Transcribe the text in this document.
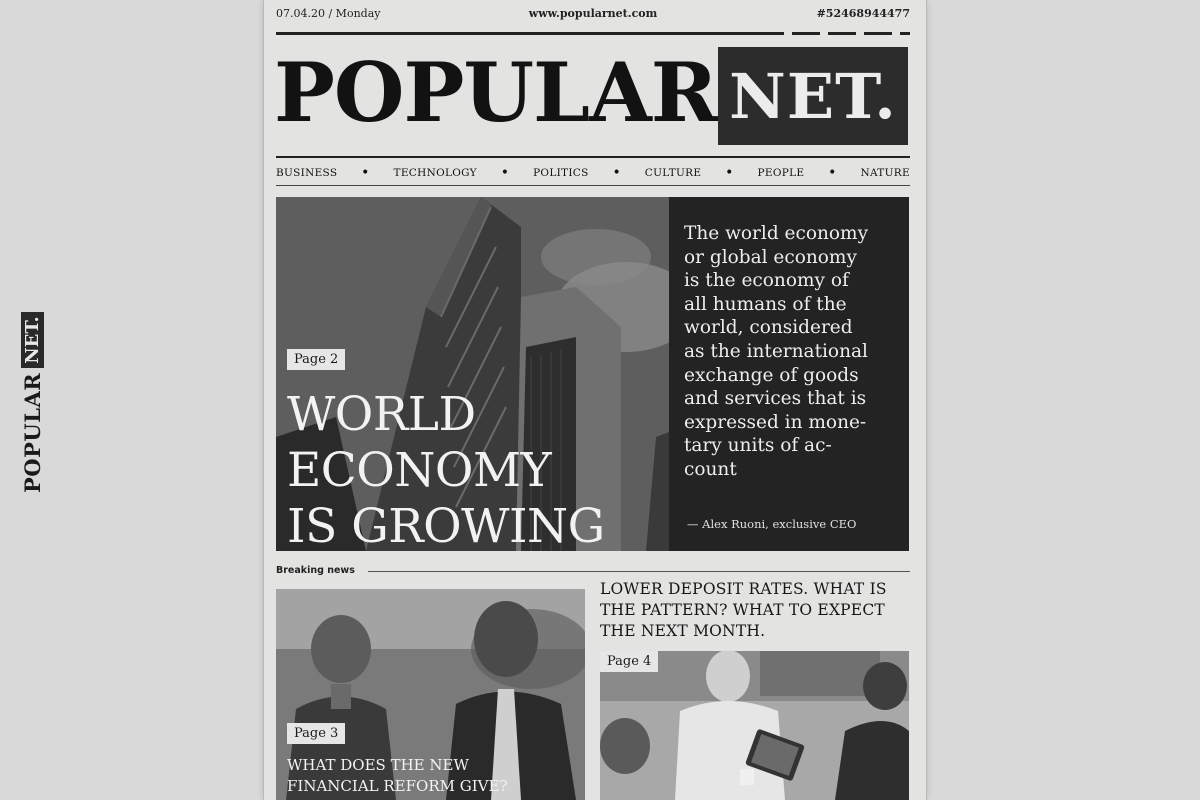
POPULAR
NET.
07.04.20 / Monday	www.popularnet.com	#52468944477
POPULAR NET.
BUSINESS • TECHNOLOGY • POLITICS • CULTURE • PEOPLE • NATURE
Page 2
WORLD
ECONOMY
IS GROWING
The world economy
or global economy
is the economy of
all humans of the
world, considered
as the international
exchange of goods
and services that is
expressed in mone-
tary units of ac-
count
— Alex Ruoni, exclusive CEO
Breaking news
Page 3
WHAT DOES THE NEW
FINANCIAL REFORM GIVE?
LOWER DEPOSIT RATES. WHAT IS
THE PATTERN? WHAT TO EXPECT
THE NEXT MONTH.
Page 4
